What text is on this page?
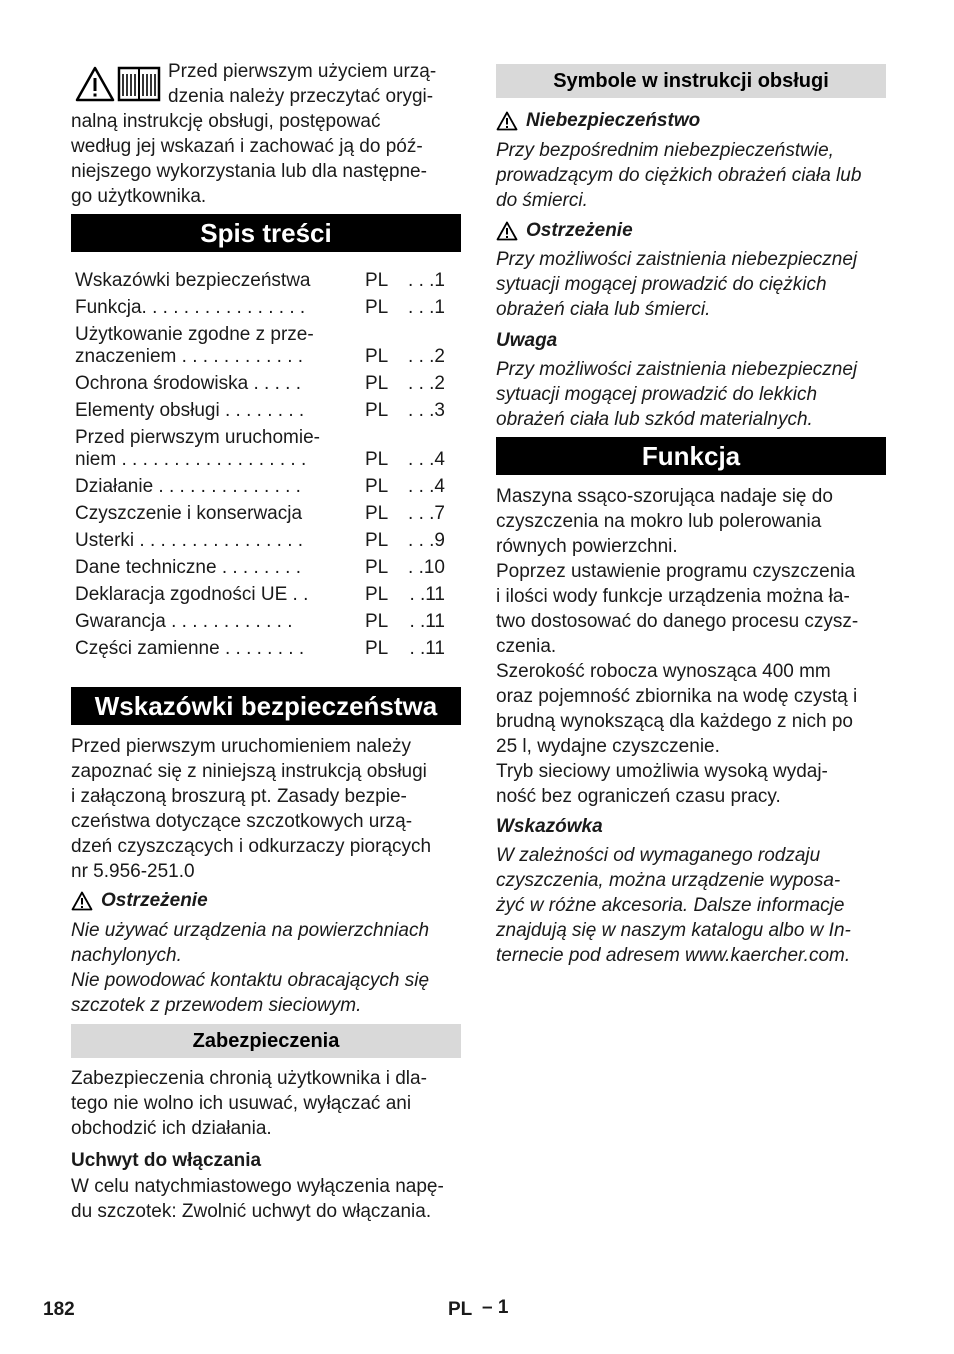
Przed pierwszym użyciem urzą-

dzenia należy przeczytać orygi-

nalną instrukcję obsługi, postępować
według jej wskazań i zachować ją do póź-
niejszego wykorzystania lub dla następne-
go użytkownika.

Spis treści
Wskazówki bezpieczeństwa	PL . . .1
Funkcja. . . . . . . . . . . . . . . .	PL . . .1
Użytkowanie zgodne z prze-
znaczeniem . . . . . . . . . . . .	PL . . .2
Ochrona środowiska . . . . .	PL . . .2
Elementy obsługi . . . . . . . .	PL . . .3
Przed pierwszym uruchomie-
niem . . . . . . . . . . . . . . . . . .	PL . . .4
Działanie . . . . . . . . . . . . . .	PL . . .4
Czyszczenie i konserwacja	PL . . .7
Usterki . . . . . . . . . . . . . . . .	PL . . .9
Dane techniczne . . . . . . . .	PL . .10
Deklaracja zgodności UE . .	PL . .11
Gwarancja . . . . . . . . . . . .	PL . .11
Części zamienne . . . . . . . .	PL . .11
Wskazówki bezpieczeństwa

Przed pierwszym uruchomieniem należy
zapoznać się z niniejszą instrukcją obsługi
i załączoną broszurą pt. Zasady bezpie-
czeństwa dotyczące szczotkowych urzą-
dzeń czyszczących i odkurzaczy piorących
nr 5.956-251.0

Ostrzeżenie

Nie używać urządzenia na powierzchniach
nachylonych.
Nie powodować kontaktu obracających się
szczotek z przewodem sieciowym.

Zabezpieczenia

Zabezpieczenia chronią użytkownika i dla-
tego nie wolno ich usuwać, wyłączać ani
obchodzić ich działania.

Uchwyt do włączania

W celu natychmiastowego wyłączenia napę-
du szczotek: Zwolnić uchwyt do włączania.

Symbole w instrukcji obsługi
Niebezpieczeństwo

Przy bezpośrednim niebezpieczeństwie,
prowadzącym do ciężkich obrażeń ciała lub
do śmierci.

Ostrzeżenie

Przy możliwości zaistnienia niebezpiecznej
sytuacji mogącej prowadzić do ciężkich
obrażeń ciała lub śmierci.

Uwaga

Przy możliwości zaistnienia niebezpiecznej
sytuacji mogącej prowadzić do lekkich
obrażeń ciała lub szkód materialnych.

Funkcja

Maszyna ssąco-szorująca nadaje się do
czyszczenia na mokro lub polerowania
równych powierzchni.
Poprzez ustawienie programu czyszczenia
i ilości wody funkcje urządzenia można ła-
two dostosować do danego procesu czysz-
czenia.
Szerokość robocza wynosząca 400 mm
oraz pojemność zbiornika na wodę czystą i
brudną wynokszącą dla każdego z nich po
25 l, wydajne czyszczenie.
Tryb sieciowy umożliwia wysoką wydaj-
ność bez ograniczeń czasu pracy.

Wskazówka

W zależności od wymaganego rodzaju
czyszczenia, można urządzenie wyposa-
żyć w różne akcesoria. Dalsze informacje
znajdują się w naszym katalogu albo w In-
ternecie pod adresem www.kaercher.com.

182	PL – 1
